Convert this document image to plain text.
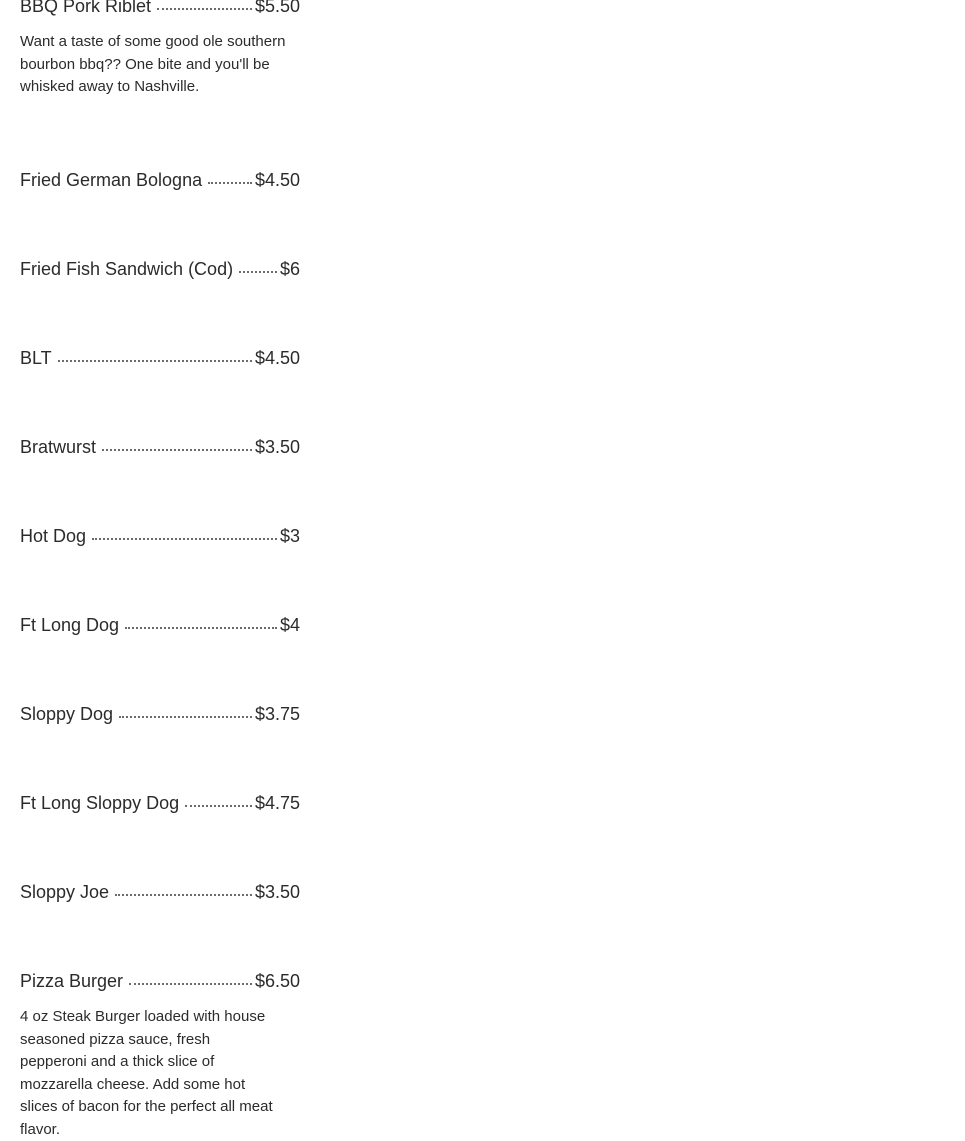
BBQ Pork Riblet	$5.50
Want a taste of some good ole southern bourbon bbq?? One bite and you'll be whisked away to Nashville.
Fried German Bologna	$4.50
Fried Fish Sandwich (Cod)	$6
BLT	$4.50
Bratwurst	$3.50
Hot Dog	$3
Ft Long Dog	$4
Sloppy Dog	$3.75
Ft Long Sloppy Dog	$4.75
Sloppy Joe	$3.50
Pizza Burger	$6.50
4 oz Steak Burger loaded with house seasoned pizza sauce, fresh pepperoni and a thick slice of mozzarella cheese. Add some hot slices of bacon for the perfect all meat flavor.
